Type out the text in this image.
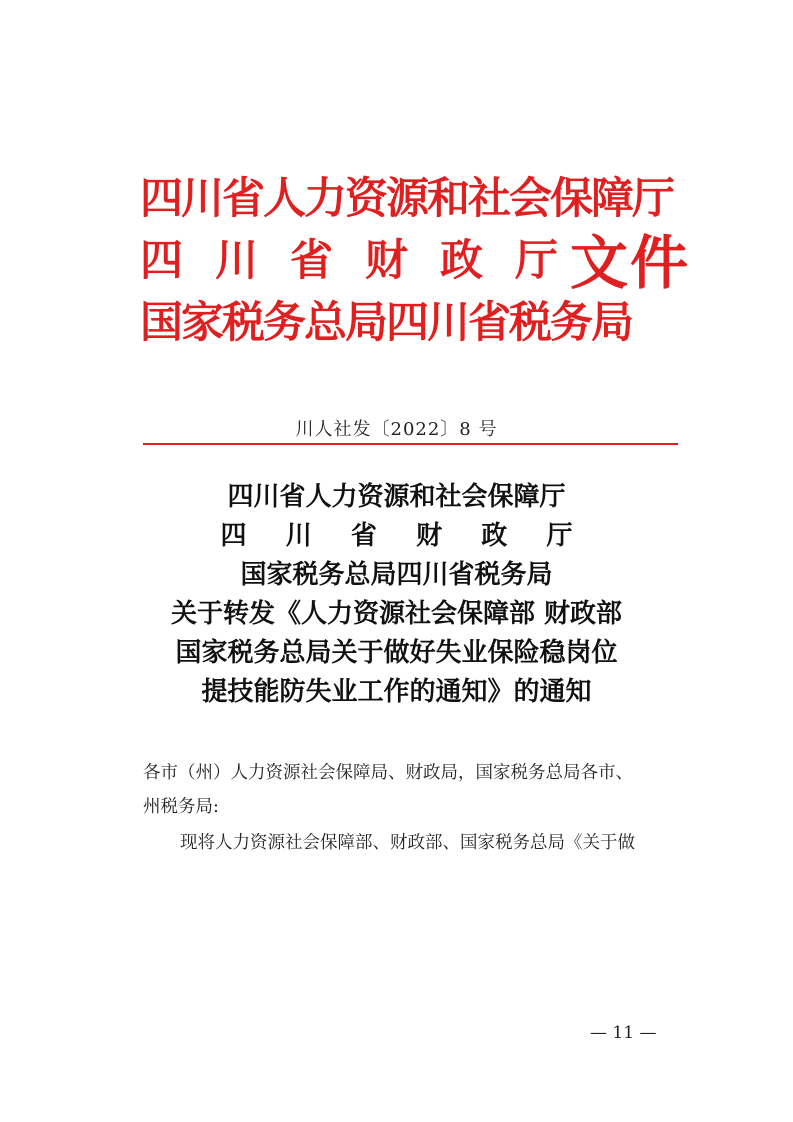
四川省人力资源和社会保障厅
四 川 省 财 政 厅
国家税务总局四川省税务局
文件
川人社发〔2022〕8 号
四川省人力资源和社会保障厅
四 川 省 财 政 厅
国家税务总局四川省税务局
关于转发《人力资源社会保障部 财政部
国家税务总局关于做好失业保险稳岗位
提技能防失业工作的通知》的通知
各市（州）人力资源社会保障局、财政局，国家税务总局各市、
州税务局:
现将人力资源社会保障部、财政部、国家税务总局《关于做
— 11 —
